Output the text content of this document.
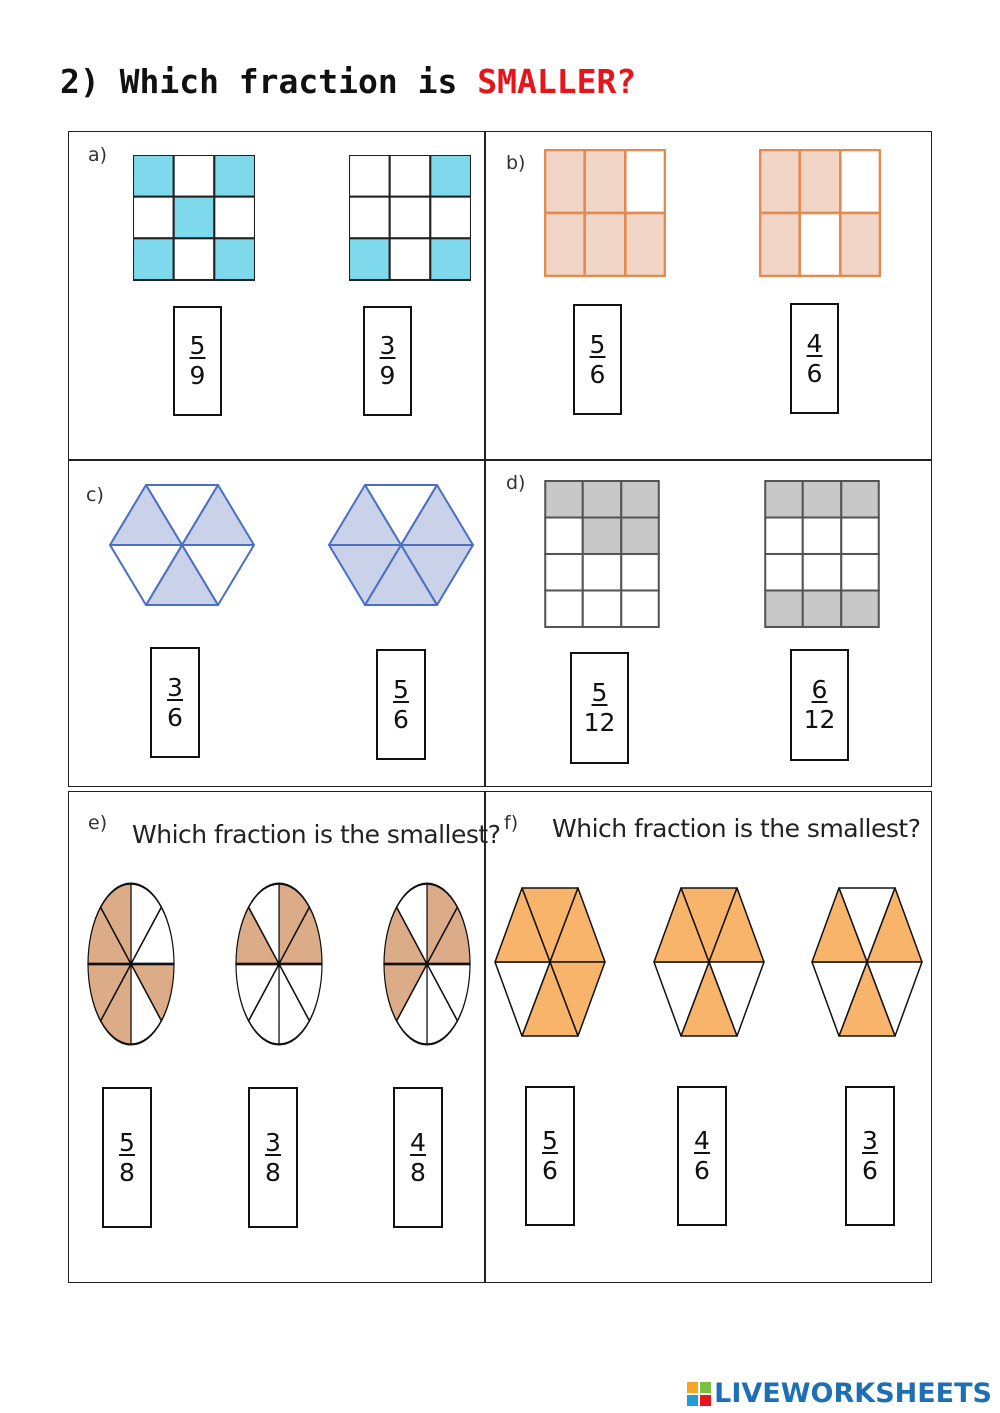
2) Which fraction is SMALLER?
a)	b)
c)
d)
e)	f)
Which fraction is the smallest? Which fraction is the smallest?
$\frac{5}{9}$	$\frac{3}{9}$	$\frac{5}{6}$	$\frac{4}{6}$
$\frac{3}{6}$	$\frac{5}{6}$	$\frac{5}{12}$	$\frac{6}{12}$
$\frac{5}{8}$	$\frac{3}{8}$	$\frac{4}{8}$	$\frac{5}{6}$	$\frac{4}{6}$	$\frac{3}{6}$
LIVEWORKSHEETS
